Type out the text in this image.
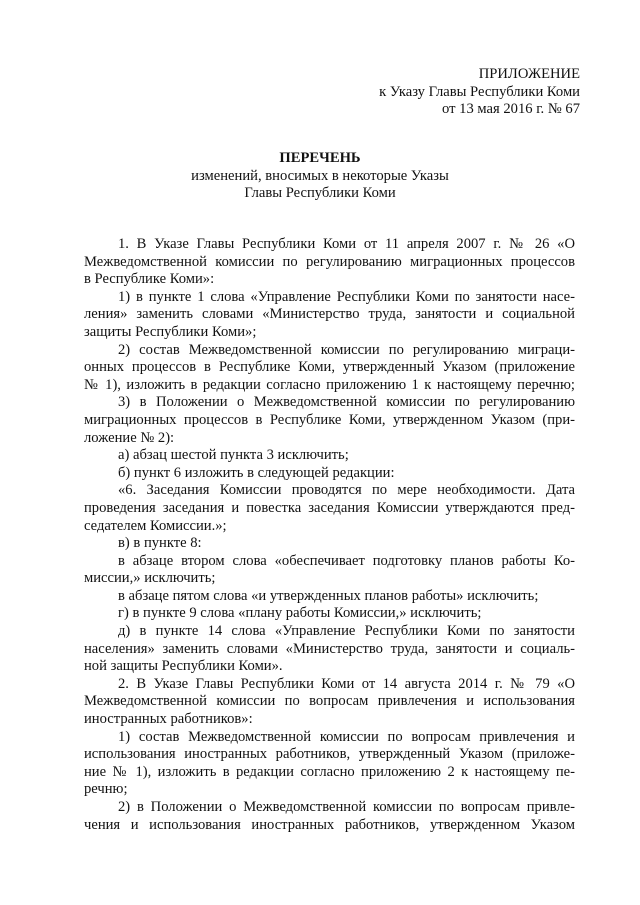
ПРИЛОЖЕНИЕ
к Указу Главы Республики Коми
от 13 мая 2016 г. № 67
ПЕРЕЧЕНЬ
изменений, вносимых в некоторые Указы
Главы Республики Коми
1. В Указе Главы Республики Коми от 11 апреля 2007 г. № 26 «О
Межведомственной комиссии по регулированию миграционных процессов
в Республике Коми»:
1) в пункте 1 слова «Управление Республики Коми по занятости насе-
ления» заменить словами «Министерство труда, занятости и социальной
защиты Республики Коми»;
2) состав Межведомственной комиссии по регулированию миграци-
онных процессов в Республике Коми, утвержденный Указом (приложение
№ 1), изложить в редакции согласно приложению 1 к настоящему перечню;
3) в Положении о Межведомственной комиссии по регулированию
миграционных процессов в Республике Коми, утвержденном Указом (при-
ложение № 2):
а) абзац шестой пункта 3 исключить;
б) пункт 6 изложить в следующей редакции:
«6. Заседания Комиссии проводятся по мере необходимости. Дата
проведения заседания и повестка заседания Комиссии утверждаются пред-
седателем Комиссии.»;
в) в пункте 8:
в абзаце втором слова «обеспечивает подготовку планов работы Ко-
миссии,» исключить;
в абзаце пятом слова «и утвержденных планов работы» исключить;
г) в пункте 9 слова «плану работы Комиссии,» исключить;
д) в пункте 14 слова «Управление Республики Коми по занятости
населения» заменить словами «Министерство труда, занятости и социаль-
ной защиты Республики Коми».
2. В Указе Главы Республики Коми от 14 августа 2014 г. № 79 «О
Межведомственной комиссии по вопросам привлечения и использования
иностранных работников»:
1) состав Межведомственной комиссии по вопросам привлечения и
использования иностранных работников, утвержденный Указом (приложе-
ние № 1), изложить в редакции согласно приложению 2 к настоящему пе-
речню;
2) в Положении о Межведомственной комиссии по вопросам привле-
чения и использования иностранных работников, утвержденном Указом
